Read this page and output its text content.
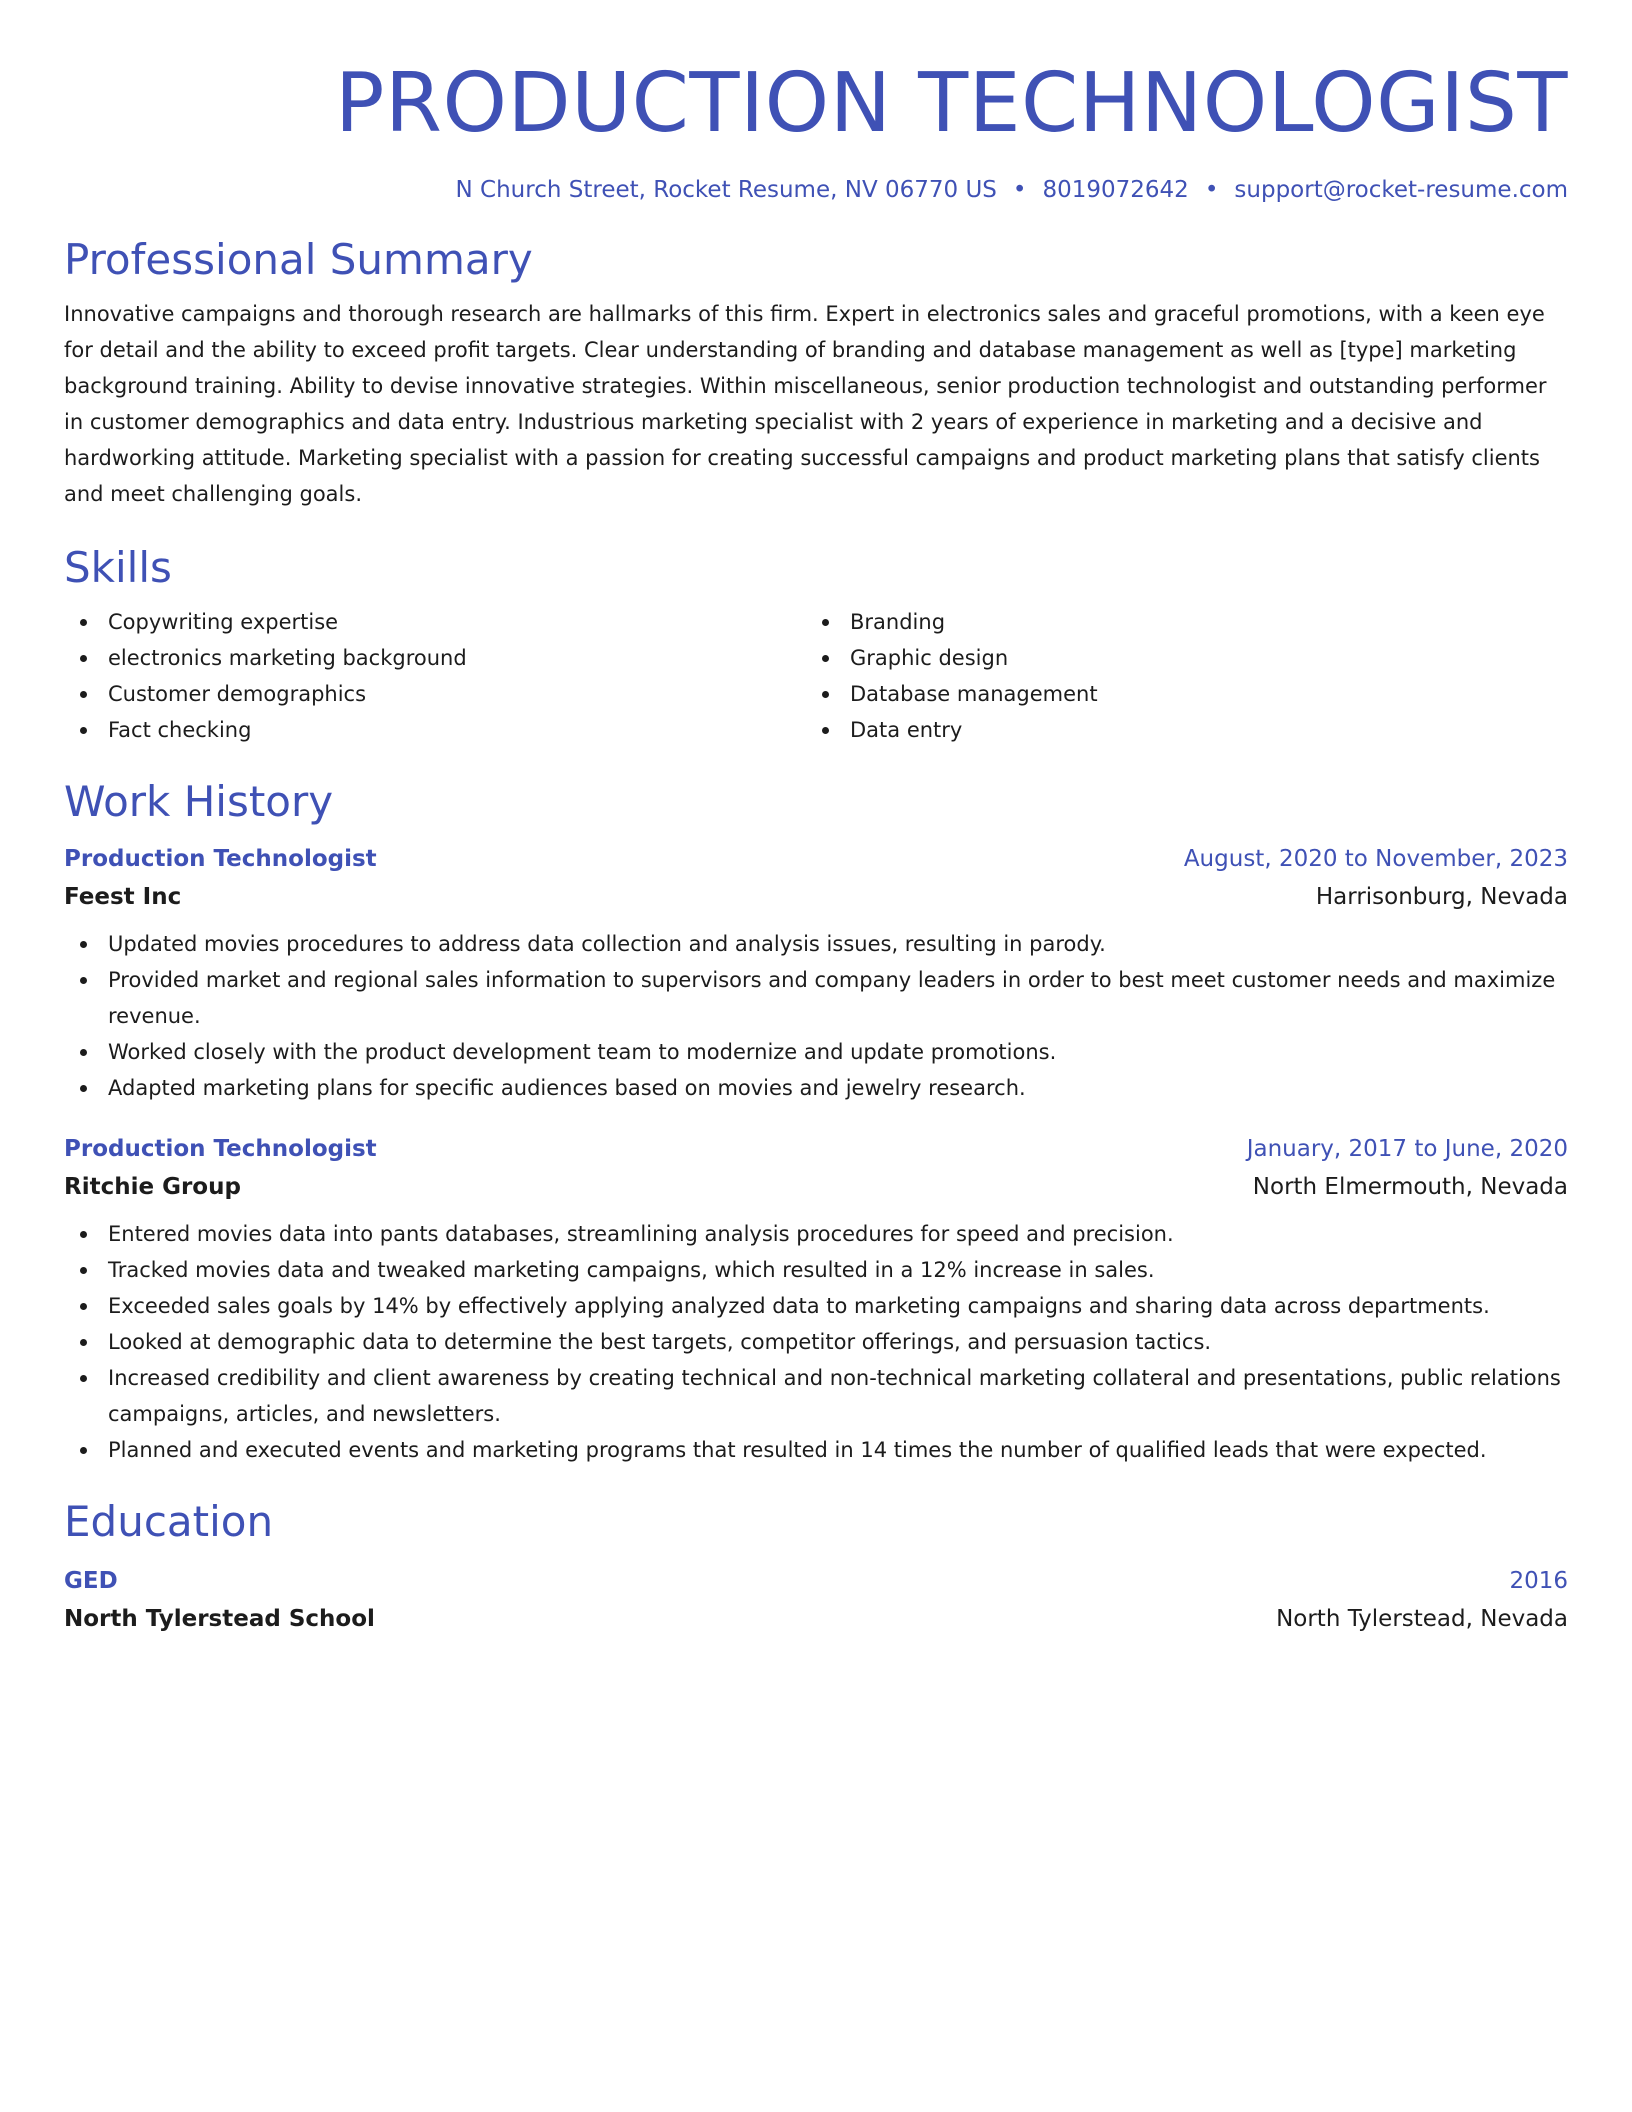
PRODUCTION TECHNOLOGIST
N Church Street, Rocket Resume, NV 06770 US • 8019072642 • support@rocket-resume.com
Professional Summary

Innovative campaigns and thorough research are hallmarks of this firm. Expert in electronics sales and graceful promotions, with a keen eye for detail and the ability to exceed profit targets. Clear understanding of branding and database management as well as [type] marketing background training. Ability to devise innovative strategies. Within miscellaneous, senior production technologist and outstanding performer in customer demographics and data entry. Industrious marketing specialist with 2 years of experience in marketing and a decisive and hardworking attitude. Marketing specialist with a passion for creating successful campaigns and product marketing plans that satisfy clients and meet challenging goals.

Skills
Copywriting expertise
electronics marketing background
Customer demographics
Fact checking
Branding
Graphic design
Database management
Data entry
Work History
Production Technologist	August, 2020 to November, 2023
Feest Inc	Harrisonburg, Nevada
Updated movies procedures to address data collection and analysis issues, resulting in parody.
Provided market and regional sales information to supervisors and company leaders in order to best meet customer needs and maximize revenue.
Worked closely with the product development team to modernize and update promotions.
Adapted marketing plans for specific audiences based on movies and jewelry research.
Production Technologist	January, 2017 to June, 2020
Ritchie Group	North Elmermouth, Nevada
Entered movies data into pants databases, streamlining analysis procedures for speed and precision.
Tracked movies data and tweaked marketing campaigns, which resulted in a 12% increase in sales.
Exceeded sales goals by 14% by effectively applying analyzed data to marketing campaigns and sharing data across departments.
Looked at demographic data to determine the best targets, competitor offerings, and persuasion tactics.
Increased credibility and client awareness by creating technical and non-technical marketing collateral and presentations, public relations campaigns, articles, and newsletters.
Planned and executed events and marketing programs that resulted in 14 times the number of qualified leads that were expected.
Education
GED	2016
North Tylerstead School	North Tylerstead, Nevada
